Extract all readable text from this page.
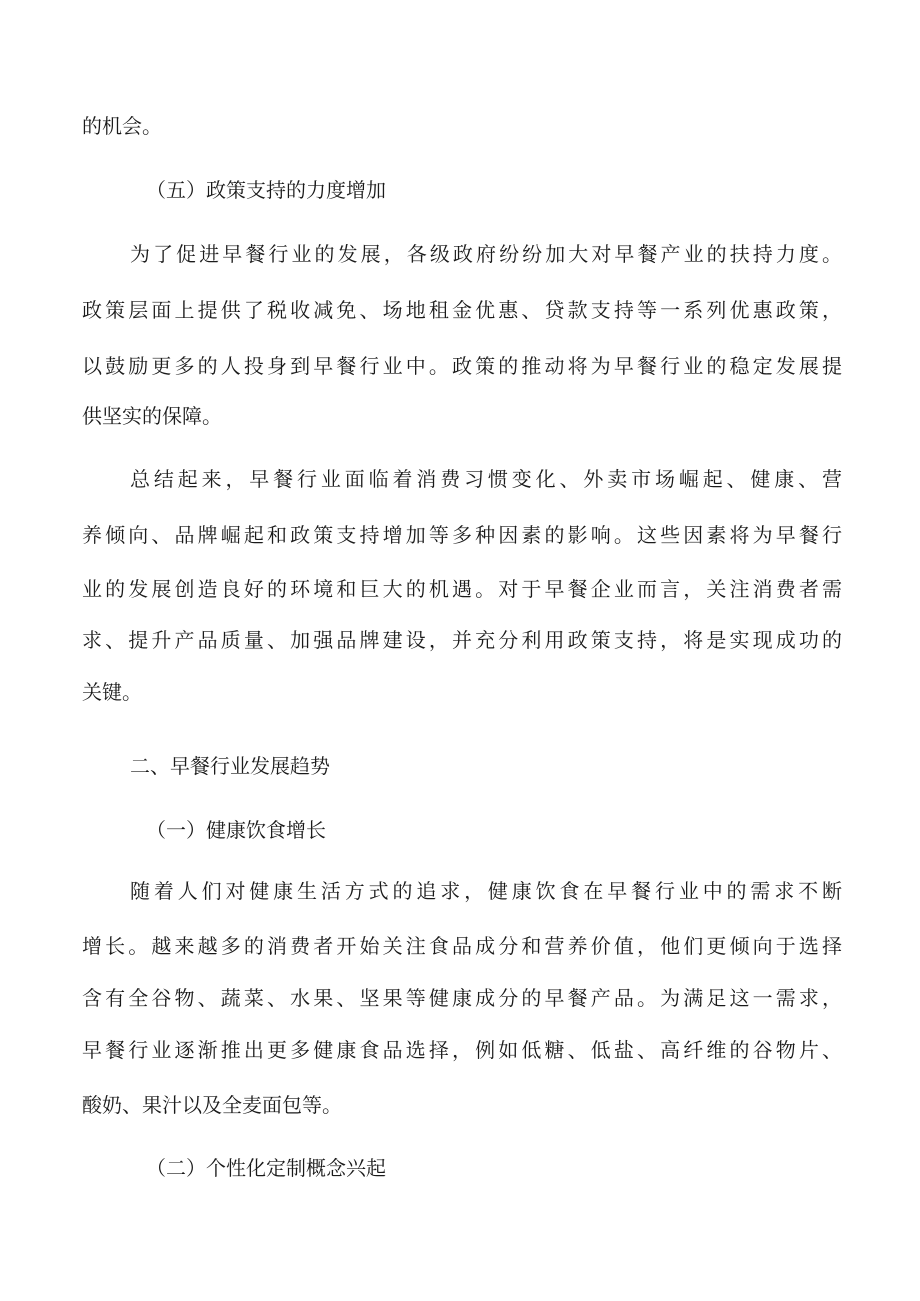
的机会。
（五）政策支持的力度增加
为了促进早餐行业的发展，各级政府纷纷加大对早餐产业的扶持力度。
政策层面上提供了税收减免、场地租金优惠、贷款支持等一系列优惠政策，
以鼓励更多的人投身到早餐行业中。政策的推动将为早餐行业的稳定发展提
供坚实的保障。
总结起来，早餐行业面临着消费习惯变化、外卖市场崛起、健康、营
养倾向、品牌崛起和政策支持增加等多种因素的影响。这些因素将为早餐行
业的发展创造良好的环境和巨大的机遇。对于早餐企业而言，关注消费者需
求、提升产品质量、加强品牌建设，并充分利用政策支持，将是实现成功的
关键。
二、早餐行业发展趋势
（一）健康饮食增长
随着人们对健康生活方式的追求，健康饮食在早餐行业中的需求不断
增长。越来越多的消费者开始关注食品成分和营养价值，他们更倾向于选择
含有全谷物、蔬菜、水果、坚果等健康成分的早餐产品。为满足这一需求，
早餐行业逐渐推出更多健康食品选择，例如低糖、低盐、高纤维的谷物片、
酸奶、果汁以及全麦面包等。
（二）个性化定制概念兴起
